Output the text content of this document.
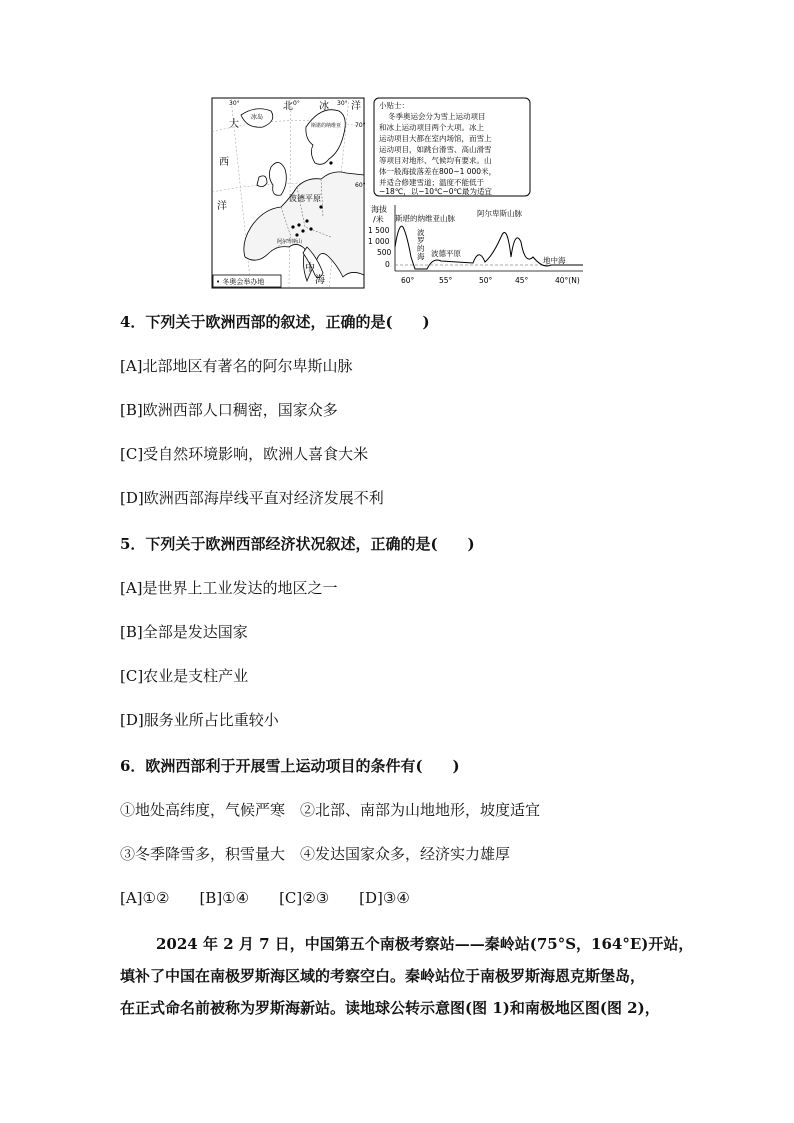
北	冰 洋
大
西
洋
波德平原
中
海
30°	0°	30°
70°
60°
冰岛
斯堪的纳维亚
阿尔卑斯山
• 冬奥会举办地
小贴士：
冬季奥运会分为雪上运动项目
和冰上运动项目两个大项。冰上
运动项目大都在室内场馆，而雪上
运动项目，如跳台滑雪、高山滑雪
等项目对地形、气候均有要求。山
体一般海拔落差在800~1 000米，
并适合修建雪道；温度不能低于
−18℃，以−10℃~0℃最为适宜
海拔
/米
1 500
1 000
500
0
60°	55°	50°	45°	40°(N)
斯堪的纳维亚山脉
阿尔卑斯山脉
波
罗
的
海 波德平原
地中海
4．下列关于欧洲西部的叙述，正确的是(　　)
[A]北部地区有著名的阿尔卑斯山脉
[B]欧洲西部人口稠密，国家众多
[C]受自然环境影响，欧洲人喜食大米
[D]欧洲西部海岸线平直对经济发展不利
5．下列关于欧洲西部经济状况叙述，正确的是(　　)
[A]是世界上工业发达的地区之一
[B]全部是发达国家
[C]农业是支柱产业
[D]服务业所占比重较小
6．欧洲西部利于开展雪上运动项目的条件有(　　)
①地处高纬度，气候严寒　②北部、南部为山地地形，坡度适宜
③冬季降雪多，积雪量大　④发达国家众多，经济实力雄厚
[A]①② [B]①④ [C]②③ [D]③④
2024 年 2 月 7 日，中国第五个南极考察站——秦岭站(75°S，164°E)开站，
填补了中国在南极罗斯海区域的考察空白。秦岭站位于南极罗斯海恩克斯堡岛，
在正式命名前被称为罗斯海新站。读地球公转示意图(图 1)和南极地区图(图 2)，
